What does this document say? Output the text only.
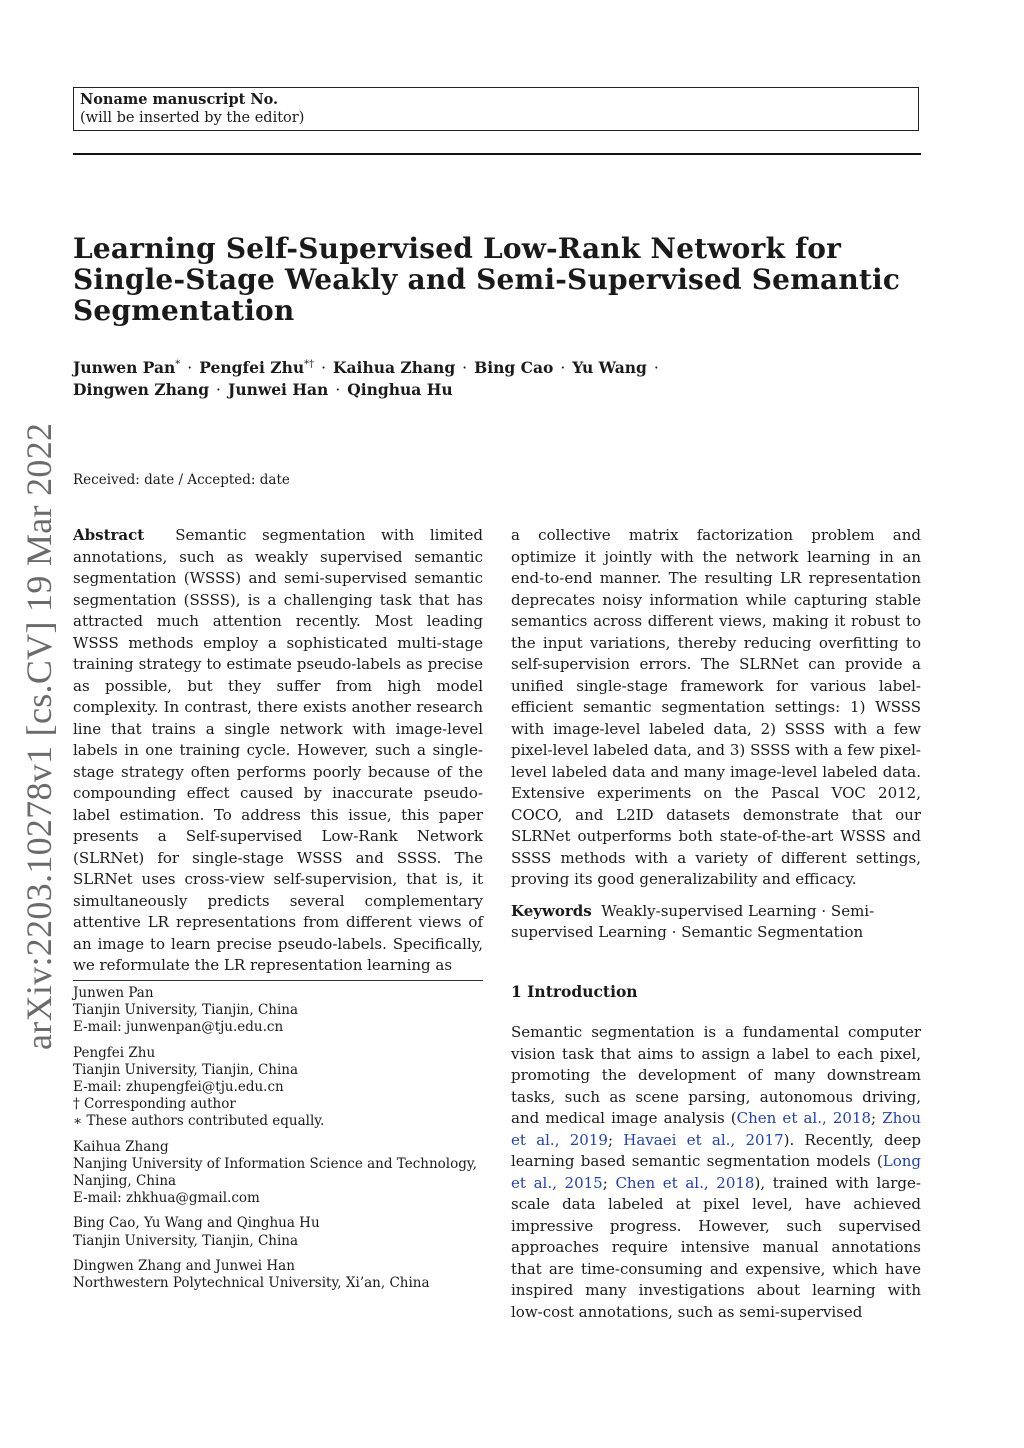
Noname manuscript No.
(will be inserted by the editor)
Learning Self-Supervised Low-Rank Network for
Single-Stage Weakly and Semi-Supervised Semantic
Segmentation
Junwen Pan* · Pengfei Zhu*† · Kaihua Zhang · Bing Cao · Yu Wang ·
Dingwen Zhang · Junwei Han · Qinghua Hu
arXiv:2203.10278v1 [cs.CV] 19 Mar 2022 Received: date / Accepted: date

Abstract Semantic segmentation with limited annotations, such as weakly supervised semantic segmentation (WSSS) and semi-supervised semantic segmentation (SSSS), is a challenging task that has attracted much attention recently. Most leading WSSS methods employ a sophisticated multi-stage training strategy to estimate pseudo-labels as precise as possible, but they suffer from high model complexity. In contrast, there exists another research line that trains a single network with image-level labels in one training cycle. However, such a single-stage strategy often performs poorly because of the compounding effect caused by inaccurate pseudo-label estimation. To address this issue, this paper presents a Self-supervised Low-Rank Network (SLRNet) for single-stage WSSS and SSSS. The SLRNet uses cross-view self-supervision, that is, it simultaneously predicts several complementary attentive LR representations from different views of an image to learn precise pseudo-labels. Specifically, we reformulate the LR representation learning as

a collective matrix factorization problem and optimize it jointly with the network learning in an end-to-end manner. The resulting LR representation deprecates noisy information while capturing stable semantics across different views, making it robust to the input variations, thereby reducing overfitting to self-supervision errors. The SLRNet can provide a unified single-stage framework for various label-efficient semantic segmentation settings: 1) WSSS with image-level labeled data, 2) SSSS with a few pixel-level labeled data, and 3) SSSS with a few pixel-level labeled data and many image-level labeled data. Extensive experiments on the Pascal VOC 2012, COCO, and L2ID datasets demonstrate that our SLRNet outperforms both state-of-the-art WSSS and SSSS methods with a variety of different settings, proving its good generalizability and efficacy.

Keywords Weakly-supervised Learning · Semi-supervised Learning · Semantic Segmentation

Junwen Pan
Tianjin University, Tianjin, China
E-mail: junwenpan@tju.edu.cn
Pengfei Zhu
Tianjin University, Tianjin, China
E-mail: zhupengfei@tju.edu.cn
† Corresponding author
∗ These authors contributed equally.
Kaihua Zhang
Nanjing University of Information Science and Technology,
Nanjing, China
E-mail: zhkhua@gmail.com
Bing Cao, Yu Wang and Qinghua Hu
Tianjin University, Tianjin, China
Dingwen Zhang and Junwei Han
Northwestern Polytechnical University, Xi’an, China
1 Introduction
Semantic segmentation is a fundamental computer vision task that aims to assign a label to each pixel, promoting the development of many downstream tasks, such as scene parsing, autonomous driving, and medical image analysis (Chen et al., 2018; Zhou et al., 2019; Havaei et al., 2017). Recently, deep learning based semantic segmentation models (Long et al., 2015; Chen et al., 2018), trained with large-scale data labeled at pixel level, have achieved impressive progress. However, such supervised approaches require intensive manual annotations that are time-consuming and expensive, which have inspired many investigations about learning with low-cost annotations, such as semi-supervised
